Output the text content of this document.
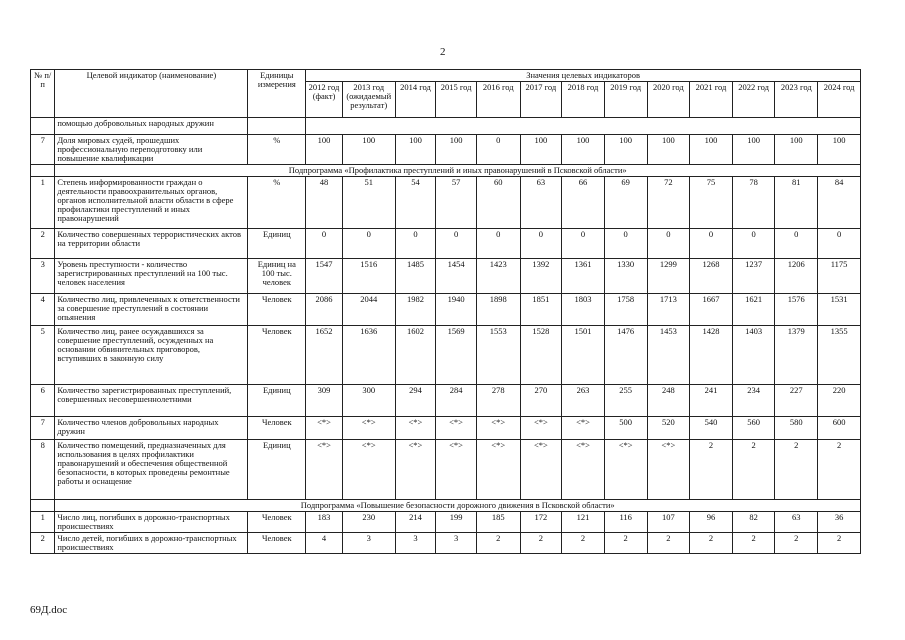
2
№ п/п	Целевой индикатор (наименование)	Единицы измерения	Значения целевых индикаторов												
			2012 год (факт)	2013 год (ожидаемый результат)	2014 год	2015 год	2016 год	2017 год	2018 год	2019 год	2020 год	2021 год	2022 год	2023 год	2024 год
	помощью добровольных народных дружин														
7	Доля мировых судей, прошедших профессиональную переподготовку или повышение квалификации	%	100	100	100	100	0	100	100	100	100	100	100	100	100
	Подпрограмма «Профилактика преступлений и иных правонарушений в Псковской области»														
1	Степень информированности граждан о деятельности правоохранительных органов, органов исполнительной власти области в сфере профилактики преступлений и иных правонарушений	%	48	51	54	57	60	63	66	69	72	75	78	81	84
2	Количество совершенных террористических актов на территории области	Единиц	0	0	0	0	0	0	0	0	0	0	0	0	0
3	Уровень преступности - количество зарегистрированных преступлений на 100 тыс. человек населения	Единиц на 100 тыс. человек	1547	1516	1485	1454	1423	1392	1361	1330	1299	1268	1237	1206	1175
4	Количество лиц, привлеченных к ответственности за совершение преступлений в состоянии опьянения	Человек	2086	2044	1982	1940	1898	1851	1803	1758	1713	1667	1621	1576	1531
5	Количество лиц, ранее осуждавшихся за совершение преступлений, осужденных на основании обвинительных приговоров, вступивших в законную силу	Человек	1652	1636	1602	1569	1553	1528	1501	1476	1453	1428	1403	1379	1355
6	Количество зарегистрированных преступлений, совершенных несовершеннолетними	Единиц	309	300	294	284	278	270	263	255	248	241	234	227	220
7	Количество членов добровольных народных дружин	Человек	<*>	<*>	<*>	<*>	<*>	<*>	<*>	500	520	540	560	580	600
8	Количество помещений, предназначенных для использования в целях профилактики правонарушений и обеспечения общественной безопасности, в которых проведены ремонтные работы и оснащение	Единиц	<*>	<*>	<*>	<*>	<*>	<*>	<*>	<*>	<*>	2	2	2	2
	Подпрограмма «Повышение безопасности дорожного движения в Псковской области»														
1	Число лиц, погибших в дорожно-транспортных происшествиях	Человек	183	230	214	199	185	172	121	116	107	96	82	63	36
2	Число детей, погибших в дорожно-транспортных происшествиях	Человек	4	3	3	3	2	2	2	2	2	2	2	2	2
69Д.doc
